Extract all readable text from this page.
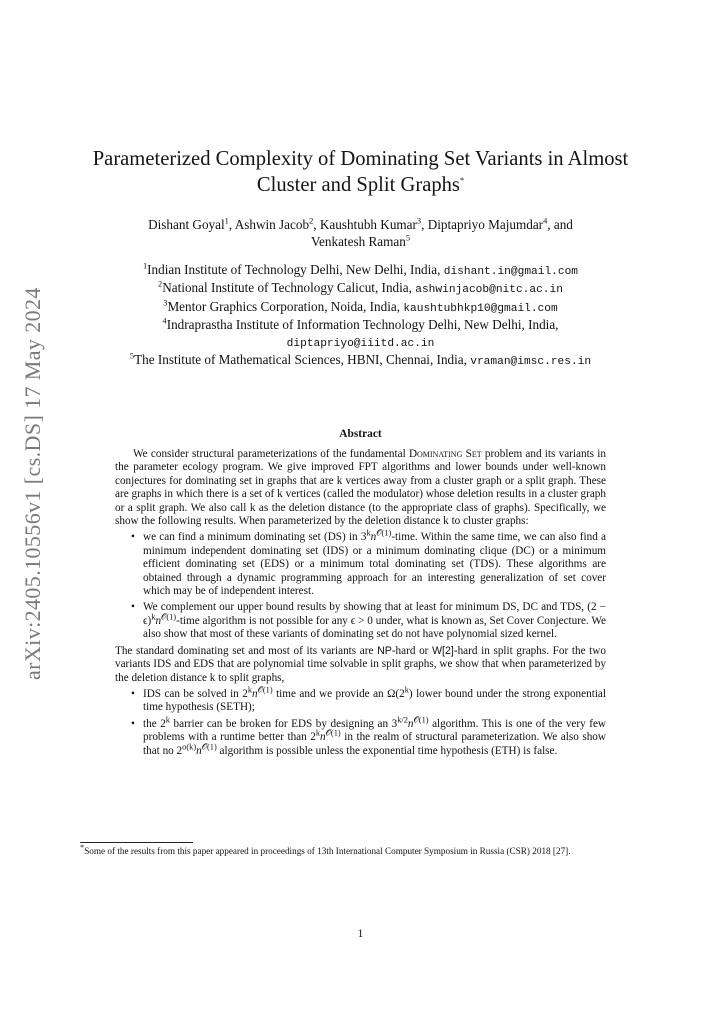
arXiv:2405.10556v1 [cs.DS] 17 May 2024
Parameterized Complexity of Dominating Set Variants in Almost
Cluster and Split Graphs*
Dishant Goyal$^1$, Ashwin Jacob$^2$, Kaushtubh Kumar$^3$, Diptapriyo Majumdar$^4$, and
Venkatesh Raman$^5$
$^1$Indian Institute of Technology Delhi, New Delhi, India, dishant.in@gmail.com
$^2$National Institute of Technology Calicut, India, ashwinjacob@nitc.ac.in
$^3$Mentor Graphics Corporation, Noida, India, kaushtubhkp10@gmail.com
$^4$Indraprastha Institute of Information Technology Delhi, New Delhi, India,
diptapriyo@iiitd.ac.in
$^5$The Institute of Mathematical Sciences, HBNI, Chennai, India, vraman@imsc.res.in
Abstract

We consider structural parameterizations of the fundamental Dominating Set problem and its variants in the parameter ecology program. We give improved FPT algorithms and lower bounds under well-known conjectures for dominating set in graphs that are k vertices away from a cluster graph or a split graph. These are graphs in which there is a set of k vertices (called the modulator) whose deletion results in a cluster graph or a split graph. We also call k as the deletion distance (to the appropriate class of graphs). Specifically, we show the following results. When parameterized by the deletion distance k to cluster graphs:

• we can find a minimum dominating set (DS) in $3^kn^{𝒪(1)}$-time. Within the same time, we can also find a minimum independent dominating set (IDS) or a minimum dominating clique (DC) or a minimum efficient dominating set (EDS) or a minimum total dominating set (TDS). These algorithms are obtained through a dynamic programming approach for an interesting generalization of set cover which may be of independent interest.
• We complement our upper bound results by showing that at least for minimum DS, DC and TDS, $(2 - \epsilon)^kn^{𝒪(1)}$-time algorithm is not possible for any ϵ > 0 under, what is known as, Set Cover Conjecture. We also show that most of these variants of dominating set do not have polynomial sized kernel.

The standard dominating set and most of its variants are NP-hard or W[2]-hard in split graphs. For the two variants IDS and EDS that are polynomial time solvable in split graphs, we show that when parameterized by the deletion distance k to split graphs,

• IDS can be solved in $2^kn^{𝒪(1)}$ time and we provide an Ω(2$^k$) lower bound under the strong exponential time hypothesis (SETH);
• the 2$^k$ barrier can be broken for EDS by designing an $3^{k/2}n^{𝒪(1)}$ algorithm. This is one of the very few problems with a runtime better than $2^kn^{𝒪(1)}$ in the realm of structural parameterization. We also show that no $2^{o(k)}n^{𝒪(1)}$ algorithm is possible unless the exponential time hypothesis (ETH) is false.
*Some of the results from this paper appeared in proceedings of 13th International Computer Symposium in Russia (CSR) 2018 [27].
1
